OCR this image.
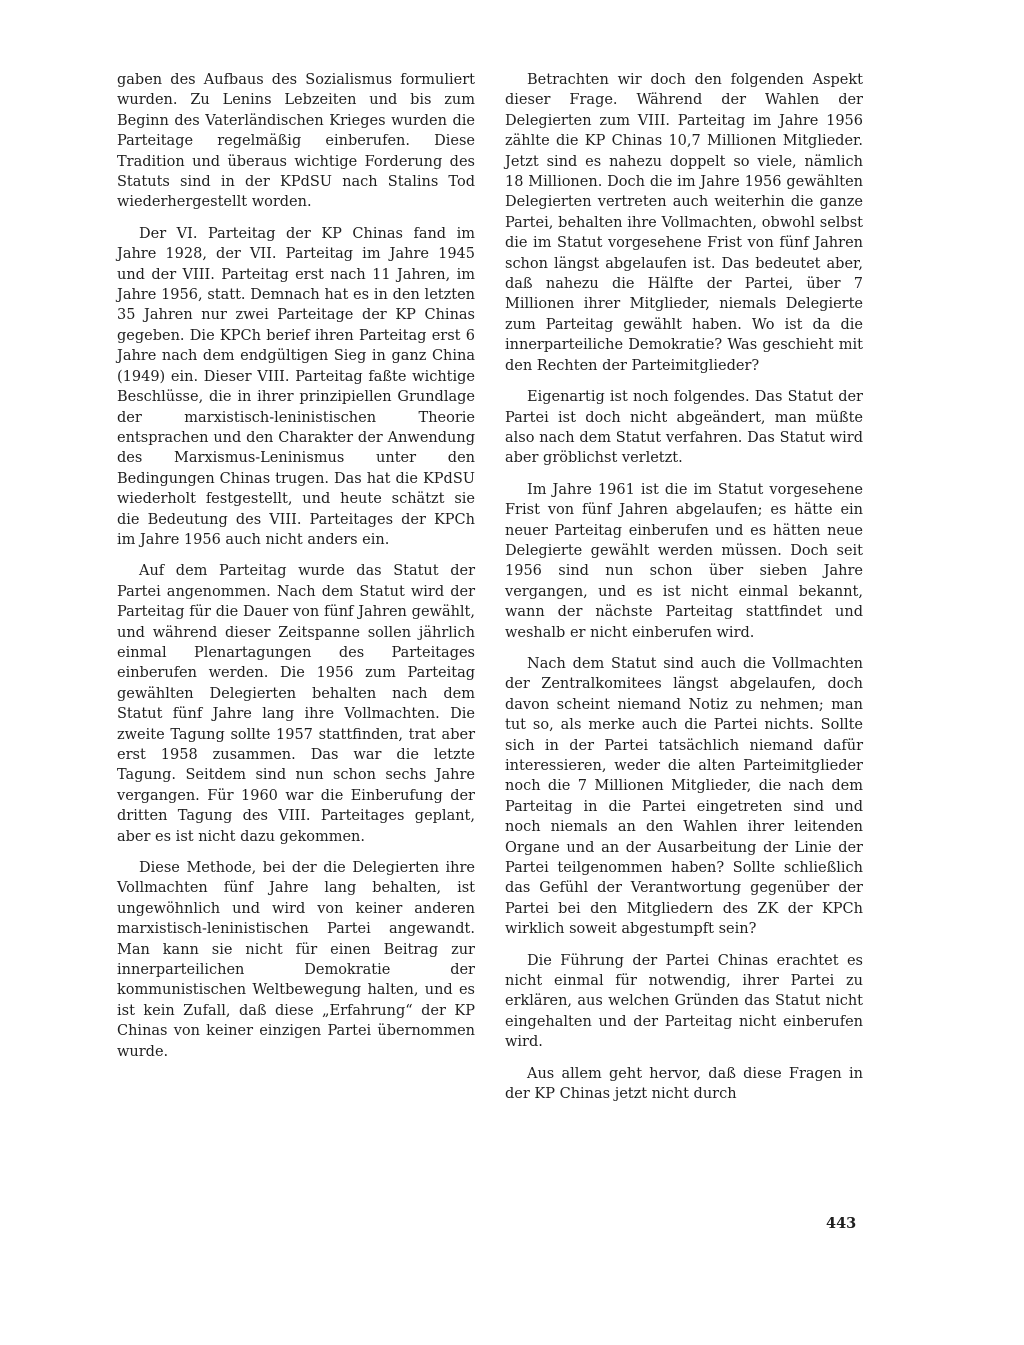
gaben des Aufbaus des Sozialismus formuliert wurden. Zu Lenins Lebzeiten und bis zum Beginn des Vaterländischen Krieges wurden die Parteitage regelmäßig einberufen. Diese Tradition und überaus wichtige Forderung des Statuts sind in der KPdSU nach Stalins Tod wiederhergestellt worden.

Der VI. Parteitag der KP Chinas fand im Jahre 1928, der VII. Parteitag im Jahre 1945 und der VIII. Parteitag erst nach 11 Jahren, im Jahre 1956, statt. Demnach hat es in den letzten 35 Jahren nur zwei Parteitage der KP Chinas gegeben. Die KPCh berief ihren Parteitag erst 6 Jahre nach dem endgültigen Sieg in ganz China (1949) ein. Dieser VIII. Parteitag faßte wichtige Beschlüsse, die in ihrer prinzipiellen Grundlage der marxistisch-leninistischen Theorie entsprachen und den Charakter der Anwendung des Marxismus-Leninismus unter den Bedingungen Chinas trugen. Das hat die KPdSU wiederholt festgestellt, und heute schätzt sie die Bedeutung des VIII. Parteitages der KPCh im Jahre 1956 auch nicht anders ein.

Auf dem Parteitag wurde das Statut der Partei angenommen. Nach dem Statut wird der Parteitag für die Dauer von fünf Jahren gewählt, und während dieser Zeitspanne sollen jährlich einmal Plenartagungen des Parteitages einberufen werden. Die 1956 zum Parteitag gewählten Delegierten behalten nach dem Statut fünf Jahre lang ihre Vollmachten. Die zweite Tagung sollte 1957 stattfinden, trat aber erst 1958 zusammen. Das war die letzte Tagung. Seitdem sind nun schon sechs Jahre vergangen. Für 1960 war die Einberufung der dritten Tagung des VIII. Parteitages geplant, aber es ist nicht dazu gekommen.

Diese Methode, bei der die Delegierten ihre Vollmachten fünf Jahre lang behalten, ist ungewöhnlich und wird von keiner anderen marxistisch-leninistischen Partei angewandt. Man kann sie nicht für einen Beitrag zur innerparteilichen Demokratie der kommunistischen Weltbewegung halten, und es ist kein Zufall, daß diese „Erfahrung“ der KP Chinas von keiner einzigen Partei übernommen wurde.

Betrachten wir doch den folgenden Aspekt dieser Frage. Während der Wahlen der Delegierten zum VIII. Parteitag im Jahre 1956 zählte die KP Chinas 10,7 Millionen Mitglieder. Jetzt sind es nahezu doppelt so viele, nämlich 18 Millionen. Doch die im Jahre 1956 gewählten Delegierten vertreten auch weiterhin die ganze Partei, behalten ihre Vollmachten, obwohl selbst die im Statut vorgesehene Frist von fünf Jahren schon längst abgelaufen ist. Das bedeutet aber, daß nahezu die Hälfte der Partei, über 7 Millionen ihrer Mitglieder, niemals Delegierte zum Parteitag gewählt haben. Wo ist da die innerparteiliche Demokratie? Was geschieht mit den Rechten der Parteimitglieder?

Eigenartig ist noch folgendes. Das Statut der Partei ist doch nicht abgeändert, man müßte also nach dem Statut verfahren. Das Statut wird aber gröblichst verletzt.

Im Jahre 1961 ist die im Statut vorgesehene Frist von fünf Jahren abgelaufen; es hätte ein neuer Parteitag einberufen und es hätten neue Delegierte gewählt werden müssen. Doch seit 1956 sind nun schon über sieben Jahre vergangen, und es ist nicht einmal bekannt, wann der nächste Parteitag stattfindet und weshalb er nicht einberufen wird.

Nach dem Statut sind auch die Vollmachten der Zentralkomitees längst abgelaufen, doch davon scheint niemand Notiz zu nehmen; man tut so, als merke auch die Partei nichts. Sollte sich in der Partei tatsächlich niemand dafür interessieren, weder die alten Parteimitglieder noch die 7 Millionen Mitglieder, die nach dem Parteitag in die Partei eingetreten sind und noch niemals an den Wahlen ihrer leitenden Organe und an der Ausarbeitung der Linie der Partei teilgenommen haben? Sollte schließlich das Gefühl der Verantwortung gegenüber der Partei bei den Mitgliedern des ZK der KPCh wirklich soweit abgestumpft sein?

Die Führung der Partei Chinas erachtet es nicht einmal für notwendig, ihrer Partei zu erklären, aus welchen Gründen das Statut nicht eingehalten und der Parteitag nicht einberufen wird.

Aus allem geht hervor, daß diese Fragen in der KP Chinas jetzt nicht durch

443
